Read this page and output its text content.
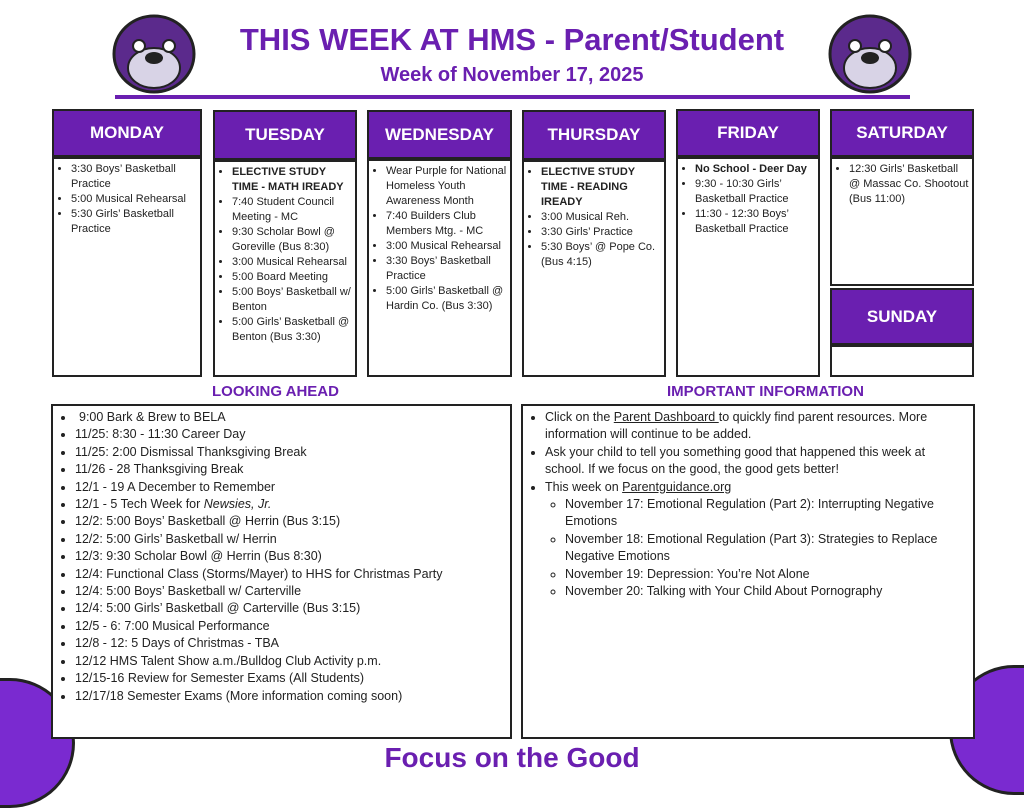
THIS WEEK AT HMS - Parent/Student
Week of November 17, 2025
MONDAY
• 3:30 Boys’ Basketball Practice
• 5:00 Musical Rehearsal
• 5:30 Girls’ Basketball Practice
TUESDAY
• ELECTIVE STUDY TIME - MATH IREADY
• 7:40 Student Council Meeting - MC
• 9:30 Scholar Bowl @ Goreville (Bus 8:30)
• 3:00 Musical Rehearsal
• 5:00 Board Meeting
• 5:00 Boys’ Basketball w/ Benton
• 5:00 Girls’ Basketball @ Benton (Bus 3:30)
WEDNESDAY
• Wear Purple for National Homeless Youth Awareness Month
• 7:40 Builders Club Members Mtg. - MC
• 3:00 Musical Rehearsal
• 3:30 Boys’ Basketball Practice
• 5:00 Girls’ Basketball @ Hardin Co. (Bus 3:30)
THURSDAY
• ELECTIVE STUDY TIME - READING IREADY
• 3:00 Musical Reh.
• 3:30 Girls’ Practice
• 5:30 Boys’ @ Pope Co. (Bus 4:15)
FRIDAY
• No School - Deer Day
• 9:30 - 10:30 Girls’ Basketball Practice
• 11:30 - 12:30 Boys’ Basketball Practice
SATURDAY
• 12:30 Girls’ Basketball @ Massac Co. Shootout (Bus 11:00)
SUNDAY
LOOKING AHEAD	IMPORTANT INFORMATION
• 9:00 Bark & Brew to BELA
• 11/25: 8:30 - 11:30 Career Day
• 11/25: 2:00 Dismissal Thanksgiving Break
• 11/26 - 28 Thanksgiving Break
• 12/1 - 19 A December to Remember
• 12/1 - 5 Tech Week for Newsies, Jr.
• 12/2: 5:00 Boys’ Basketball @ Herrin (Bus 3:15)
• 12/2: 5:00 Girls’ Basketball w/ Herrin
• 12/3: 9:30 Scholar Bowl @ Herrin (Bus 8:30)
• 12/4: Functional Class (Storms/Mayer) to HHS for Christmas Party
• 12/4: 5:00 Boys’ Basketball w/ Carterville
• 12/4: 5:00 Girls’ Basketball @ Carterville (Bus 3:15)
• 12/5 - 6: 7:00 Musical Performance
• 12/8 - 12: 5 Days of Christmas - TBA
• 12/12 HMS Talent Show a.m./Bulldog Club Activity p.m.
• 12/15-16 Review for Semester Exams (All Students)
• 12/17/18 Semester Exams (More information coming soon)
• Click on the Parent Dashboard to quickly find parent resources. More information will continue to be added.
• Ask your child to tell you something good that happened this week at school. If we focus on the good, the good gets better!
• This week on Parentguidance.org
◦ November 17: Emotional Regulation (Part 2): Interrupting Negative Emotions
◦ November 18: Emotional Regulation (Part 3): Strategies to Replace Negative Emotions
◦ November 19: Depression: You’re Not Alone
◦ November 20: Talking with Your Child About Pornography
Focus on the Good
